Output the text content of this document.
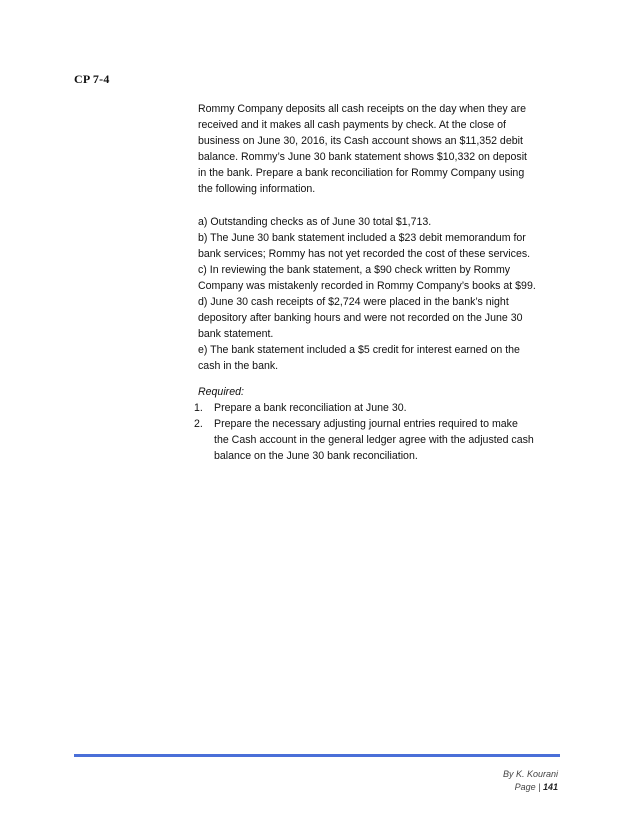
CP 7-4
Rommy Company deposits all cash receipts on the day when they are
received and it makes all cash payments by check. At the close of
business on June 30, 2016, its Cash account shows an $11,352 debit
balance. Rommy’s June 30 bank statement shows $10,332 on deposit
in the bank. Prepare a bank reconciliation for Rommy Company using
the following information.
a) Outstanding checks as of June 30 total $1,713.
b) The June 30 bank statement included a $23 debit memorandum for
bank services; Rommy has not yet recorded the cost of these services.
c) In reviewing the bank statement, a $90 check written by Rommy
Company was mistakenly recorded in Rommy Company’s books at $99.
d) June 30 cash receipts of $2,724 were placed in the bank’s night
depository after banking hours and were not recorded on the June 30
bank statement.
e) The bank statement included a $5 credit for interest earned on the
cash in the bank.
Required:
1. Prepare a bank reconciliation at June 30.
2. Prepare the necessary adjusting journal entries required to make
the Cash account in the general ledger agree with the adjusted cash
balance on the June 30 bank reconciliation.
By K. Kourani
Page | 141
